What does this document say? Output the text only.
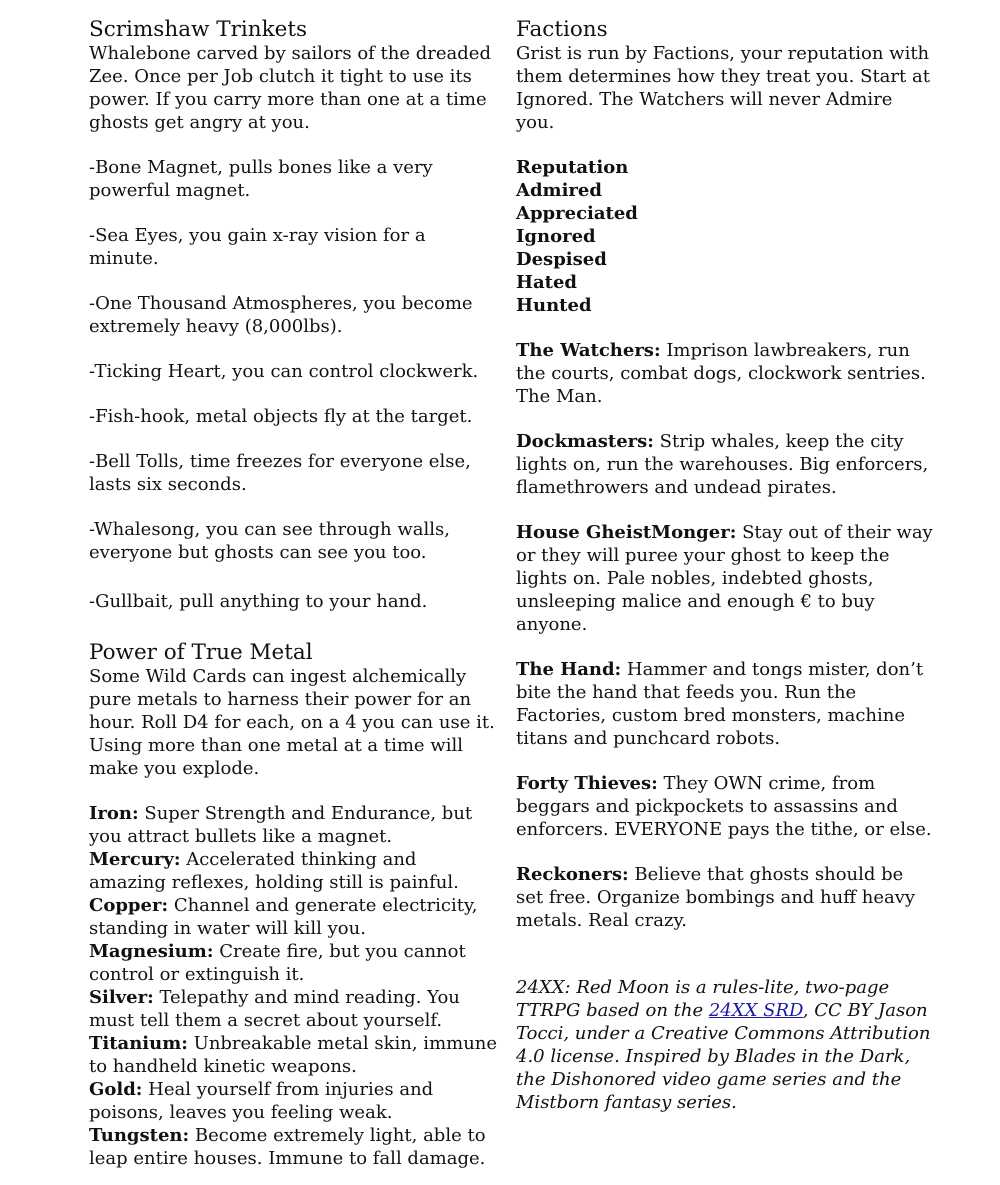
Scrimshaw Trinkets

Whalebone carved by sailors of the dreaded Zee. Once per Job clutch it tight to use its power. If you carry more than one at a time ghosts get angry at you.

-Bone Magnet, pulls bones like a very powerful magnet.

-Sea Eyes, you gain x-ray vision for a minute.

-One Thousand Atmospheres, you become extremely heavy (8,000lbs).

-Ticking Heart, you can control clockwerk.

-Fish-hook, metal objects fly at the target.

-Bell Tolls, time freezes for everyone else, lasts six seconds.

-Whalesong, you can see through walls, everyone but ghosts can see you too.

-Gullbait, pull anything to your hand.

Power of True Metal

Some Wild Cards can ingest alchemically pure metals to harness their power for an hour. Roll D4 for each, on a 4 you can use it. Using more than one metal at a time will make you explode.

Iron: Super Strength and Endurance, but you attract bullets like a magnet.

Mercury: Accelerated thinking and amazing reflexes, holding still is painful.

Copper: Channel and generate electricity, standing in water will kill you.

Magnesium: Create fire, but you cannot control or extinguish it.

Silver: Telepathy and mind reading. You must tell them a secret about yourself.

Titanium: Unbreakable metal skin, immune to handheld kinetic weapons.

Gold: Heal yourself from injuries and poisons, leaves you feeling weak.

Tungsten: Become extremely light, able to leap entire houses. Immune to fall damage.

Factions

Grist is run by Factions, your reputation with them determines how they treat you. Start at Ignored. The Watchers will never Admire you.

Reputation

Admired

Appreciated

Ignored

Despised

Hated

Hunted

The Watchers: Imprison lawbreakers, run the courts, combat dogs, clockwork sentries. The Man.

Dockmasters: Strip whales, keep the city lights on, run the warehouses. Big enforcers, flamethrowers and undead pirates.

House GheistMonger: Stay out of their way or they will puree your ghost to keep the lights on. Pale nobles, indebted ghosts, unsleeping malice and enough € to buy anyone.

The Hand: Hammer and tongs mister, don’t bite the hand that feeds you. Run the Factories, custom bred monsters, machine titans and punchcard robots.

Forty Thieves: They OWN crime, from beggars and pickpockets to assassins and enforcers. EVERYONE pays the tithe, or else.

Reckoners: Believe that ghosts should be set free. Organize bombings and huff heavy metals. Real crazy.

24XX: Red Moon is a rules-lite, two-page TTRPG based on the 24XX SRD, CC BY Jason Tocci, under a Creative Commons Attribution 4.0 license. Inspired by Blades in the Dark, the Dishonored video game series and the Mistborn fantasy series.
